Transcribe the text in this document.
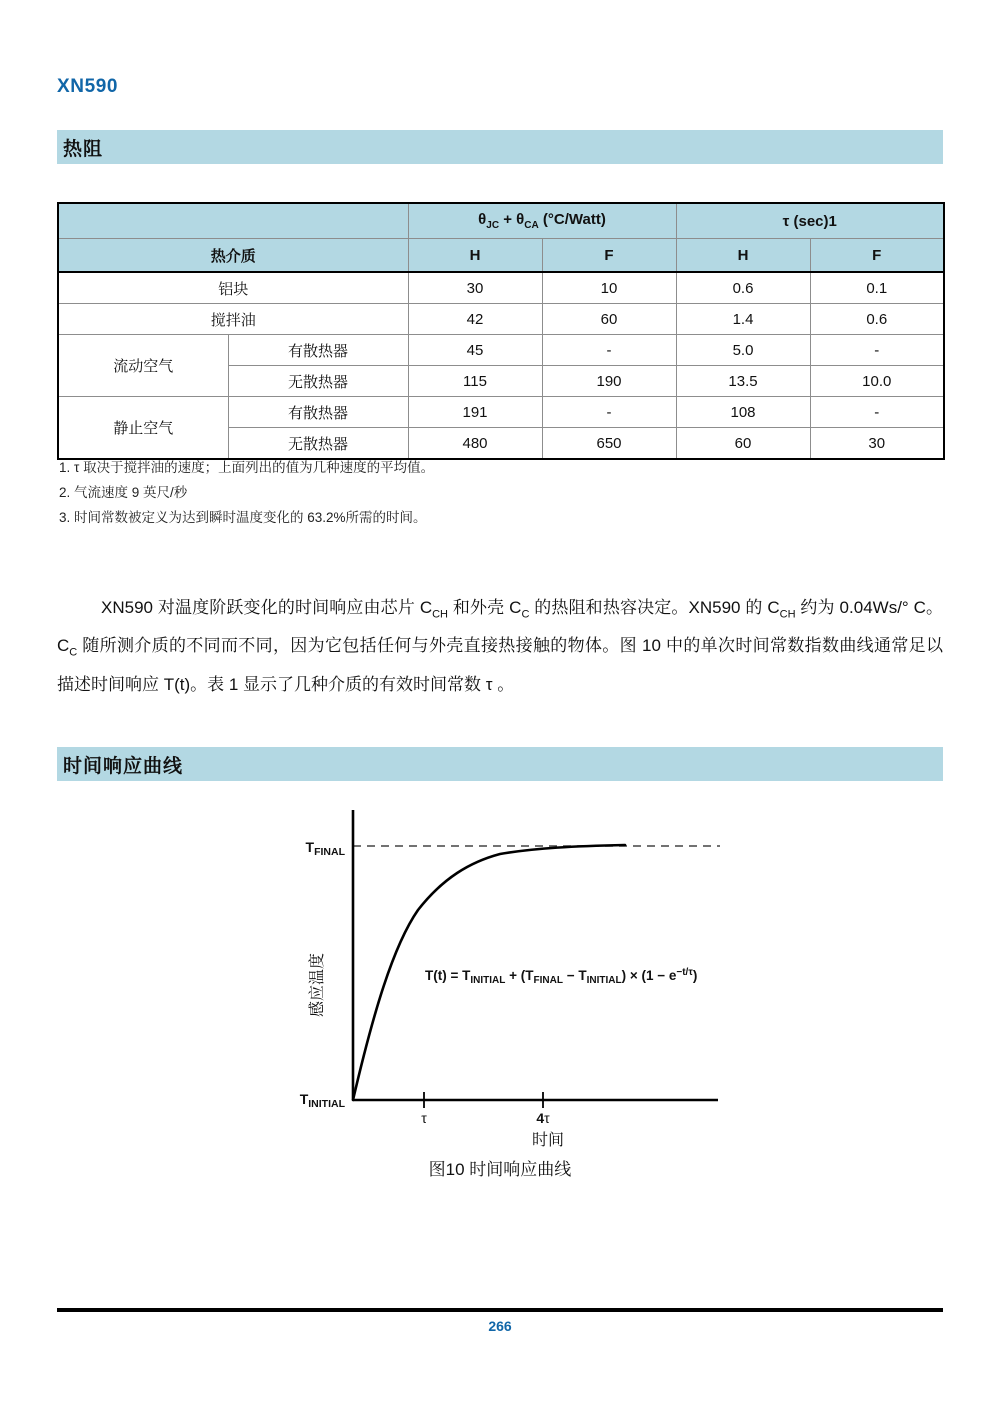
XN590
热阻
		$\theta_{JC} + \theta_{CA}$ (°C/Watt)		τ (sec)1	
热介质		H	F	H	F
铝块		30	10	0.6	0.1
搅拌油		42	60	1.4	0.6
流动空气	有散热器	45	-	5.0	-
	无散热器	115	190	13.5	10.0
静止空气	有散热器	191	-	108	-
	无散热器	480	650	60	30
1. τ 取决于搅拌油的速度；上面列出的值为几种速度的平均值。
2. 气流速度 9 英尺/秒
3. 时间常数被定义为达到瞬时温度变化的 63.2%所需的时间。
XN590 对温度阶跃变化的时间响应由芯片 $C_{CH}$ 和外壳 $C_C$ 的热阻和热容决定。XN590 的 $C_{CH}$ 约为 0.04Ws/° C。$C_C$ 随所测介质的不同而不同，因为它包括任何与外壳直接热接触的物体。图 10 中的单次时间常数指数曲线通常足以描述时间响应 T(t)。表 1 显示了几种介质的有效时间常数 τ 。
时间响应曲线
$T_{FINAL}$
$T_{INITIAL}$
感应温度
τ	4τ
时间
$T(t) = T_{INITIAL} + (T_{FINAL} - T_{INITIAL}) \times (1 - e^{-t/\tau})$
图10 时间响应曲线
266
